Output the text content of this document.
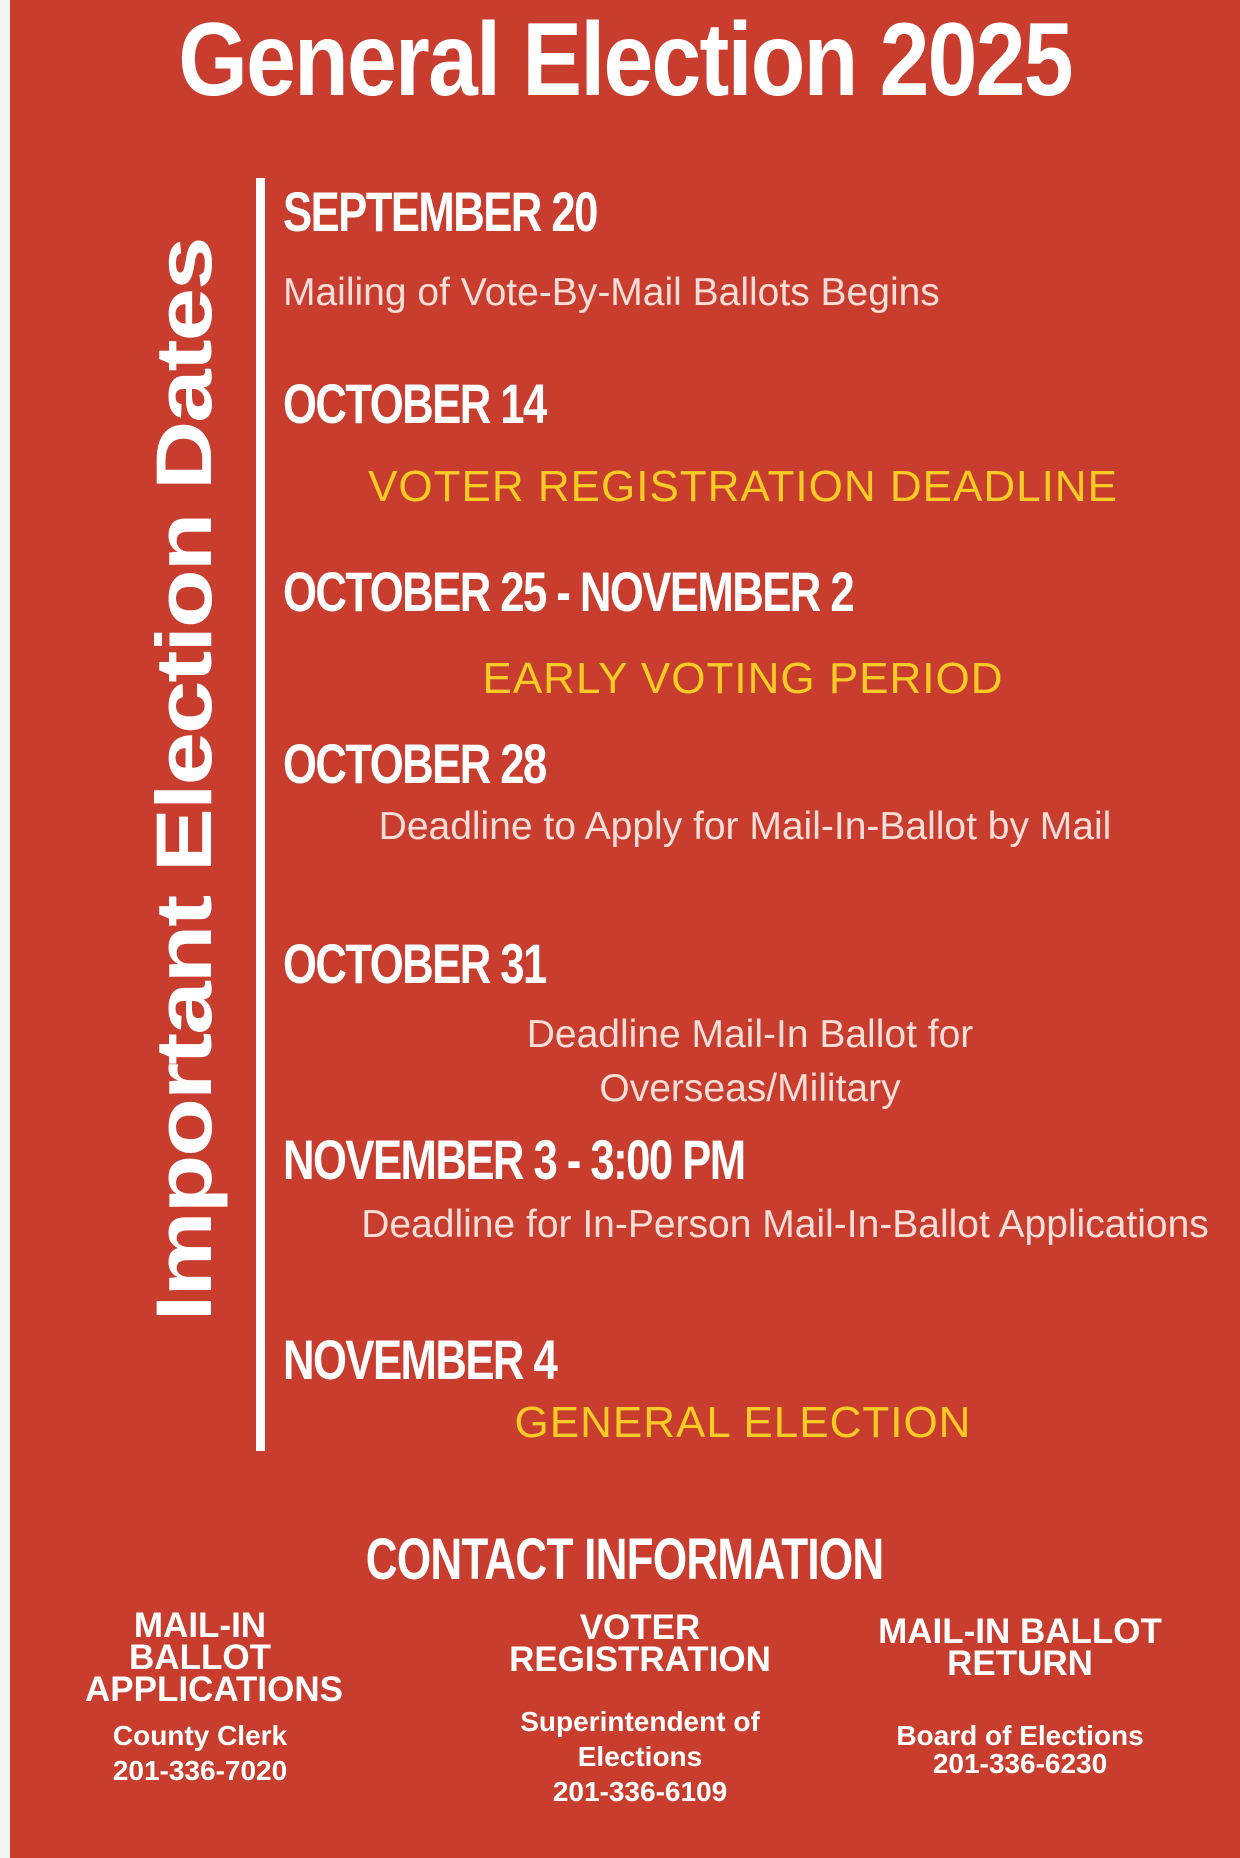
General Election 2025
Important Election Dates
SEPTEMBER 20
Mailing of Vote-By-Mail Ballots Begins
OCTOBER 14
VOTER REGISTRATION DEADLINE
OCTOBER 25 - NOVEMBER 2
EARLY VOTING PERIOD
OCTOBER 28
Deadline to Apply for Mail-In-Ballot by Mail
OCTOBER 31
Deadline Mail-In Ballot for Overseas/Military
NOVEMBER 3 - 3:00 PM
Deadline for In-Person Mail-In-Ballot Applications
NOVEMBER 4
GENERAL ELECTION
CONTACT INFORMATION
MAIL-IN BALLOT APPLICATIONS
County Clerk
201-336-7020
VOTER REGISTRATION
Superintendent of Elections
201-336-6109
MAIL-IN BALLOT RETURN
Board of Elections
201-336-6230
